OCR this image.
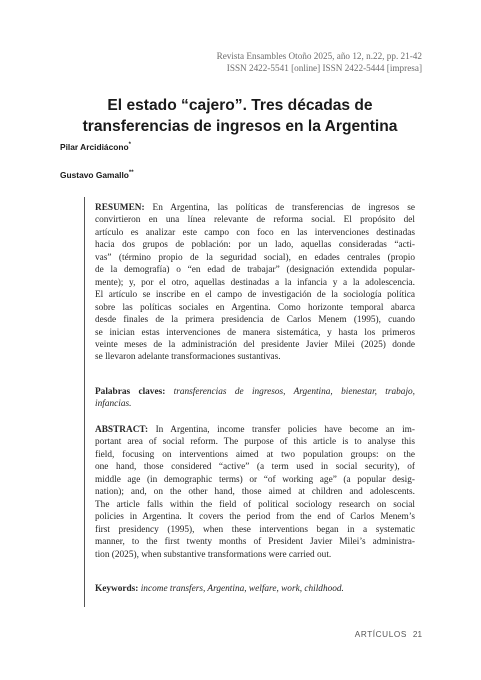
Revista Ensambles Otoño 2025, año 12, n.22, pp. 21-42
ISSN 2422-5541 [online] ISSN 2422-5444 [impresa]
El estado “cajero”. Tres décadas de
transferencias de ingresos en la Argentina
Pilar Arcidiácono*
Gustavo Gamallo**
RESUMEN: En Argentina, las políticas de transferencias de ingresos se
convirtieron en una línea relevante de reforma social. El propósito del
artículo es analizar este campo con foco en las intervenciones destinadas
hacia dos grupos de población: por un lado, aquellas consideradas “acti-
vas” (término propio de la seguridad social), en edades centrales (propio
de la demografía) o “en edad de trabajar” (designación extendida popular-
mente); y, por el otro, aquellas destinadas a la infancia y a la adolescencia.
El artículo se inscribe en el campo de investigación de la sociología política
sobre las políticas sociales en Argentina. Como horizonte temporal abarca
desde finales de la primera presidencia de Carlos Menem (1995), cuando
se inician estas intervenciones de manera sistemática, y hasta los primeros
veinte meses de la administración del presidente Javier Milei (2025) donde
se llevaron adelante transformaciones sustantivas.
Palabras claves: transferencias de ingresos, Argentina, bienestar, trabajo,
infancias.
ABSTRACT: In Argentina, income transfer policies have become an im-
portant area of social reform. The purpose of this article is to analyse this
field, focusing on interventions aimed at two population groups: on the
one hand, those considered “active” (a term used in social security), of
middle age (in demographic terms) or “of working age” (a popular desig-
nation); and, on the other hand, those aimed at children and adolescents.
The article falls within the field of political sociology research on social
policies in Argentina. It covers the period from the end of Carlos Menem’s
first presidency (1995), when these interventions began in a systematic
manner, to the first twenty months of President Javier Milei’s administra-
tion (2025), when substantive transformations were carried out.
Keywords: income transfers, Argentina, welfare, work, childhood.
ARTÍCULOS 21
